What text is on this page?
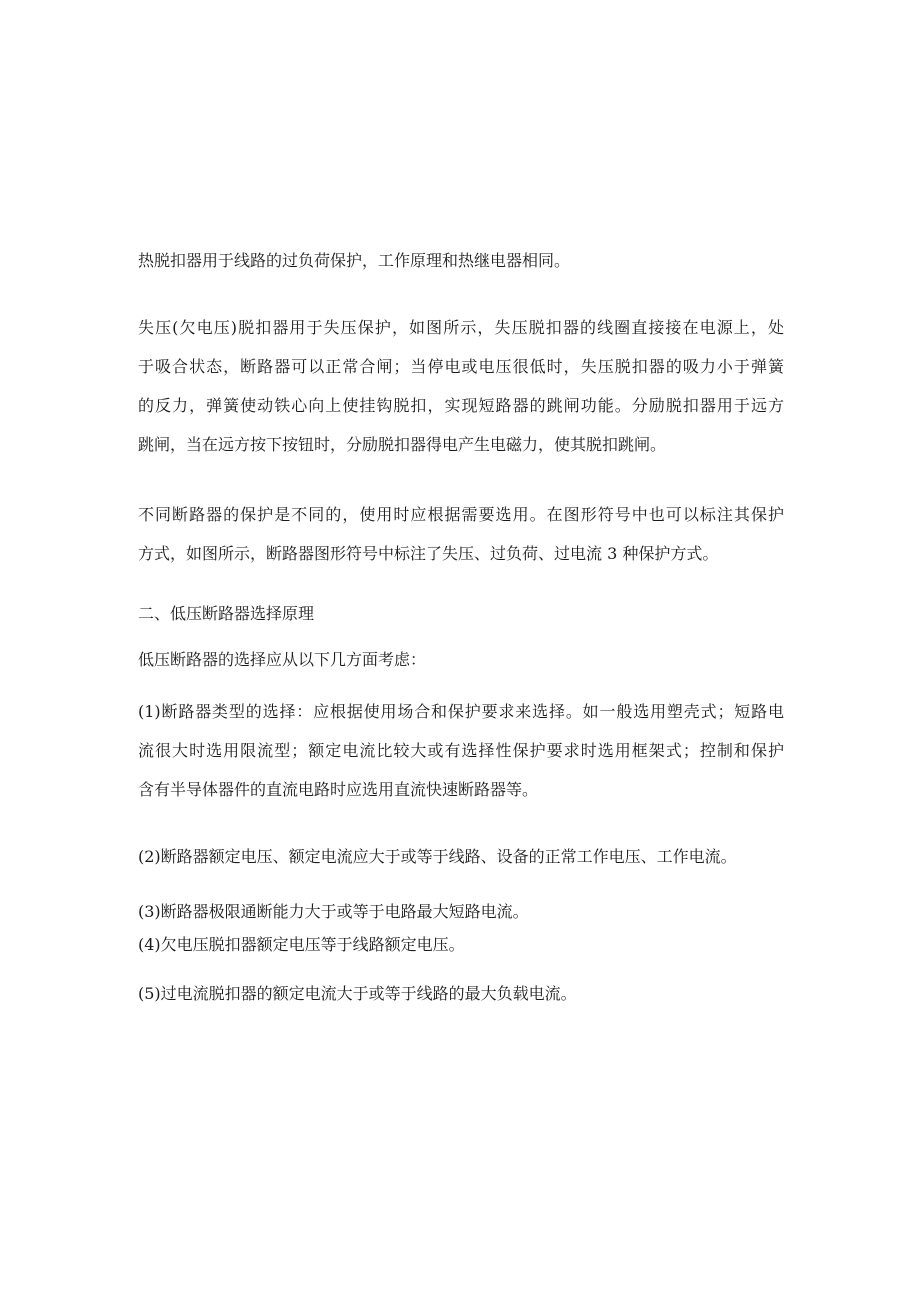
热脱扣器用于线路的过负荷保护，工作原理和热继电器相同。

失压(欠电压)脱扣器用于失压保护，如图所示，失压脱扣器的线圈直接接在电源上，处

于吸合状态，断路器可以正常合闸；当停电或电压很低时，失压脱扣器的吸力小于弹簧

的反力，弹簧使动铁心向上使挂钩脱扣，实现短路器的跳闸功能。分励脱扣器用于远方

跳闸，当在远方按下按钮时，分励脱扣器得电产生电磁力，使其脱扣跳闸。

不同断路器的保护是不同的，使用时应根据需要选用。在图形符号中也可以标注其保护

方式，如图所示，断路器图形符号中标注了失压、过负荷、过电流 3 种保护方式。

二、低压断路器选择原理

低压断路器的选择应从以下几方面考虑：

(1)断路器类型的选择：应根据使用场合和保护要求来选择。如一般选用塑壳式；短路电

流很大时选用限流型；额定电流比较大或有选择性保护要求时选用框架式；控制和保护

含有半导体器件的直流电路时应选用直流快速断路器等。

(2)断路器额定电压、额定电流应大于或等于线路、设备的正常工作电压、工作电流。

(3)断路器极限通断能力大于或等于电路最大短路电流。

(4)欠电压脱扣器额定电压等于线路额定电压。

(5)过电流脱扣器的额定电流大于或等于线路的最大负载电流。
